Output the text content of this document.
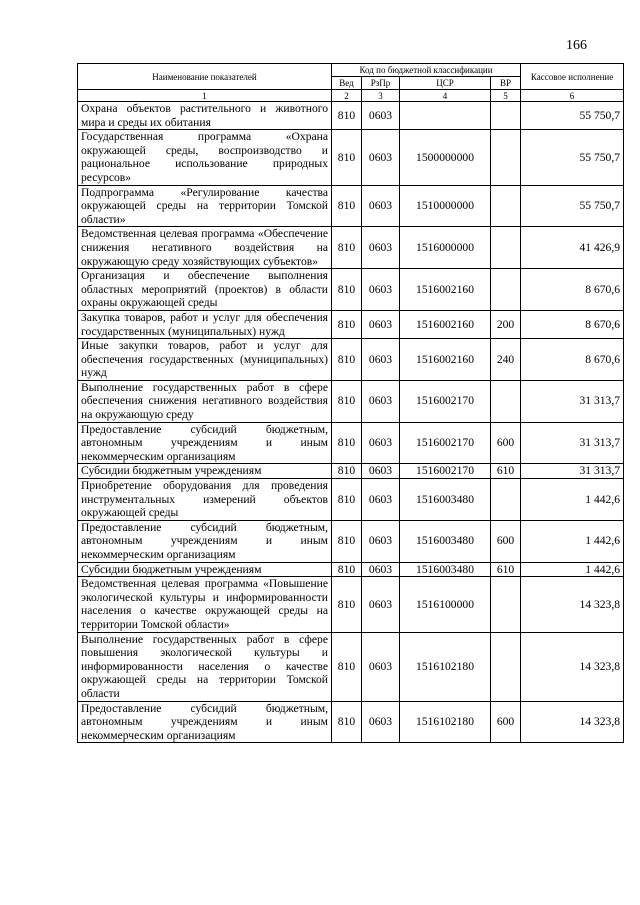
166
Наименование показателей	Код по бюджетной классификации				Кассовое исполнение
	Вед	РзПр	ЦСР	ВР	
1	2	3	4	5	6
Охрана объектов растительного и животного мира и среды их обитания	810	0603			55 750,7
Государственная программа «Охрана окружающей среды, воспроизводство и рациональное использование природных ресурсов»	810	0603	1500000000		55 750,7
Подпрограмма «Регулирование качества окружающей среды на территории Томской области»	810	0603	1510000000		55 750,7
Ведомственная целевая программа «Обеспечение снижения негативного воздействия на окружающую среду хозяйствующих субъектов»	810	0603	1516000000		41 426,9
Организация и обеспечение выполнения областных мероприятий (проектов) в области охраны окружающей среды	810	0603	1516002160		8 670,6
Закупка товаров, работ и услуг для обеспечения государственных (муниципальных) нужд	810	0603	1516002160	200	8 670,6
Иные закупки товаров, работ и услуг для обеспечения государственных (муниципальных) нужд	810	0603	1516002160	240	8 670,6
Выполнение государственных работ в сфере обеспечения снижения негативного воздействия на окружающую среду	810	0603	1516002170		31 313,7
Предоставление субсидий бюджетным, автономным учреждениям и иным некоммерческим организациям	810	0603	1516002170	600	31 313,7
Субсидии бюджетным учреждениям	810	0603	1516002170	610	31 313,7
Приобретение оборудования для проведения инструментальных измерений объектов окружающей среды	810	0603	1516003480		1 442,6
Предоставление субсидий бюджетным, автономным учреждениям и иным некоммерческим организациям	810	0603	1516003480	600	1 442,6
Субсидии бюджетным учреждениям	810	0603	1516003480	610	1 442,6
Ведомственная целевая программа «Повышение экологической культуры и информированности населения о качестве окружающей среды на территории Томской области»	810	0603	1516100000		14 323,8
Выполнение государственных работ в сфере повышения экологической культуры и информированности населения о качестве окружающей среды на территории Томской области	810	0603	1516102180		14 323,8
Предоставление субсидий бюджетным, автономным учреждениям и иным некоммерческим организациям	810	0603	1516102180	600	14 323,8
